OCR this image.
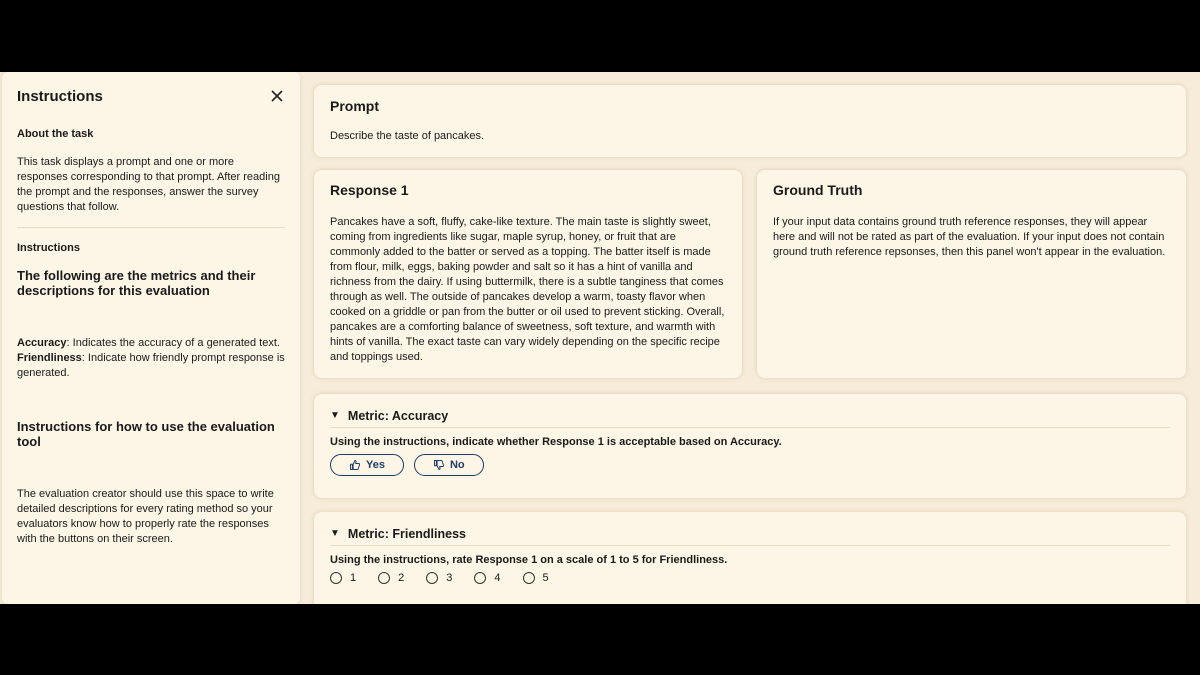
Instructions
About the task
This task displays a prompt and one or more responses corresponding to that prompt. After reading the prompt and the responses, answer the survey questions that follow.
Instructions
The following are the metrics and their descriptions for this evaluation
Accuracy: Indicates the accuracy of a generated text.
Friendliness: Indicate how friendly prompt response is generated.
Instructions for how to use the evaluation tool
The evaluation creator should use this space to write detailed descriptions for every rating method so your evaluators know how to properly rate the responses with the buttons on their screen.
Prompt
Describe the taste of pancakes.
Response 1
Pancakes have a soft, fluffy, cake-like texture. The main taste is slightly sweet, coming from ingredients like sugar, maple syrup, honey, or fruit that are commonly added to the batter or served as a topping. The batter itself is made from flour, milk, eggs, baking powder and salt so it has a hint of vanilla and richness from the dairy. If using buttermilk, there is a subtle tanginess that comes through as well. The outside of pancakes develop a warm, toasty flavor when cooked on a griddle or pan from the butter or oil used to prevent sticking. Overall, pancakes are a comforting balance of sweetness, soft texture, and warmth with hints of vanilla. The exact taste can vary widely depending on the specific recipe and toppings used.
Ground Truth
If your input data contains ground truth reference responses, they will appear here and will not be rated as part of the evaluation. If your input does not contain ground truth reference repsonses, then this panel won't appear in the evaluation.
▼ Metric: Accuracy
Using the instructions, indicate whether Response 1 is acceptable based on Accuracy.
Yes	No
▼ Metric: Friendliness
Using the instructions, rate Response 1 on a scale of 1 to 5 for Friendliness.
1	2	3	4	5
